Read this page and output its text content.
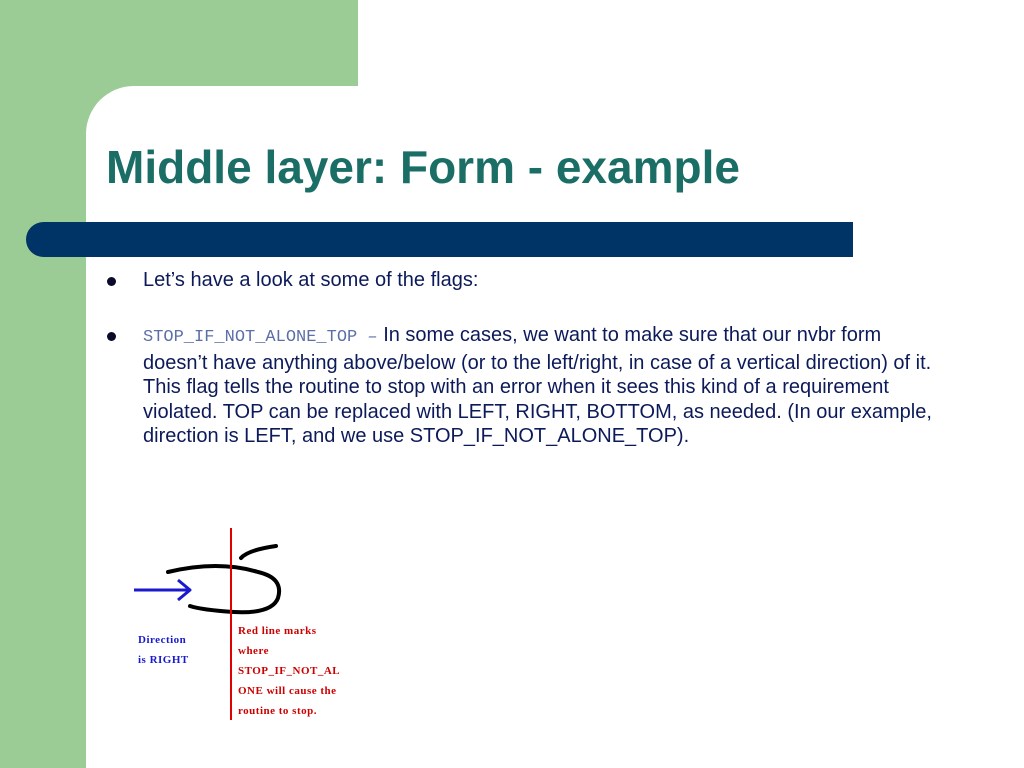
Middle layer: Form - example
Let’s have a look at some of the flags:
STOP_IF_NOT_ALONE_TOP – In some cases, we want to make sure that our nvbr form doesn’t have anything above/below (or to the left/right, in case of a vertical direction) of it. This flag tells the routine to stop with an error when it sees this kind of a requirement violated. TOP can be replaced with LEFT, RIGHT, BOTTOM, as needed. (In our example, direction is LEFT, and we use STOP_IF_NOT_ALONE_TOP).
Direction
is RIGHT
Red line marks
where
STOP_IF_NOT_AL
ONE will cause the
routine to stop.
